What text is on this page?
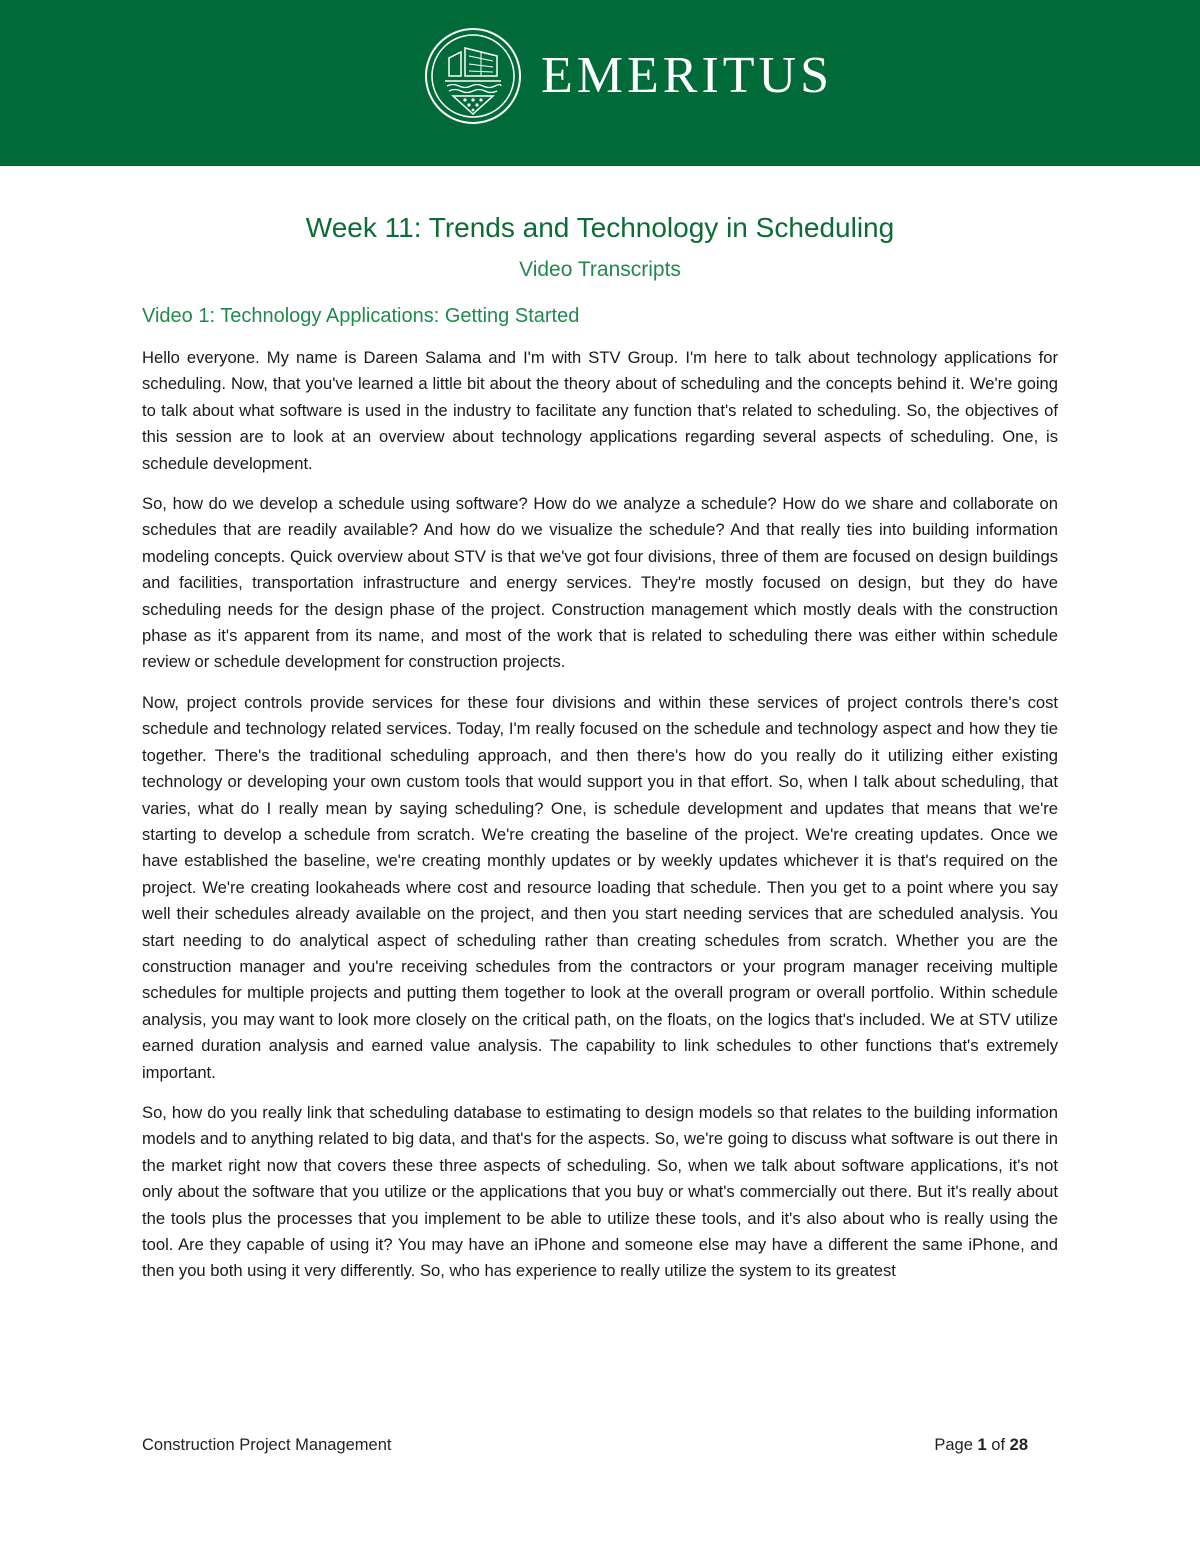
EMERITUS
Week 11: Trends and Technology in Scheduling
Video Transcripts
Video 1: Technology Applications: Getting Started

Hello everyone. My name is Dareen Salama and I'm with STV Group. I'm here to talk about technology applications for scheduling. Now, that you've learned a little bit about the theory about of scheduling and the concepts behind it. We're going to talk about what software is used in the industry to facilitate any function that's related to scheduling. So, the objectives of this session are to look at an overview about technology applications regarding several aspects of scheduling. One, is schedule development.

So, how do we develop a schedule using software? How do we analyze a schedule? How do we share and collaborate on schedules that are readily available? And how do we visualize the schedule? And that really ties into building information modeling concepts. Quick overview about STV is that we've got four divisions, three of them are focused on design buildings and facilities, transportation infrastructure and energy services. They're mostly focused on design, but they do have scheduling needs for the design phase of the project. Construction management which mostly deals with the construction phase as it's apparent from its name, and most of the work that is related to scheduling there was either within schedule review or schedule development for construction projects.

Now, project controls provide services for these four divisions and within these services of project controls there's cost schedule and technology related services. Today, I'm really focused on the schedule and technology aspect and how they tie together. There's the traditional scheduling approach, and then there's how do you really do it utilizing either existing technology or developing your own custom tools that would support you in that effort. So, when I talk about scheduling, that varies, what do I really mean by saying scheduling? One, is schedule development and updates that means that we're starting to develop a schedule from scratch. We're creating the baseline of the project. We're creating updates. Once we have established the baseline, we're creating monthly updates or by weekly updates whichever it is that's required on the project. We're creating lookaheads where cost and resource loading that schedule. Then you get to a point where you say well their schedules already available on the project, and then you start needing services that are scheduled analysis. You start needing to do analytical aspect of scheduling rather than creating schedules from scratch. Whether you are the construction manager and you're receiving schedules from the contractors or your program manager receiving multiple schedules for multiple projects and putting them together to look at the overall program or overall portfolio. Within schedule analysis, you may want to look more closely on the critical path, on the floats, on the logics that's included. We at STV utilize earned duration analysis and earned value analysis. The capability to link schedules to other functions that's extremely important.

So, how do you really link that scheduling database to estimating to design models so that relates to the building information models and to anything related to big data, and that's for the aspects. So, we're going to discuss what software is out there in the market right now that covers these three aspects of scheduling. So, when we talk about software applications, it's not only about the software that you utilize or the applications that you buy or what's commercially out there. But it's really about the tools plus the processes that you implement to be able to utilize these tools, and it's also about who is really using the tool. Are they capable of using it? You may have an iPhone and someone else may have a different the same iPhone, and then you both using it very differently. So, who has experience to really utilize the system to its greatest

Construction Project Management	Page 1 of 28
